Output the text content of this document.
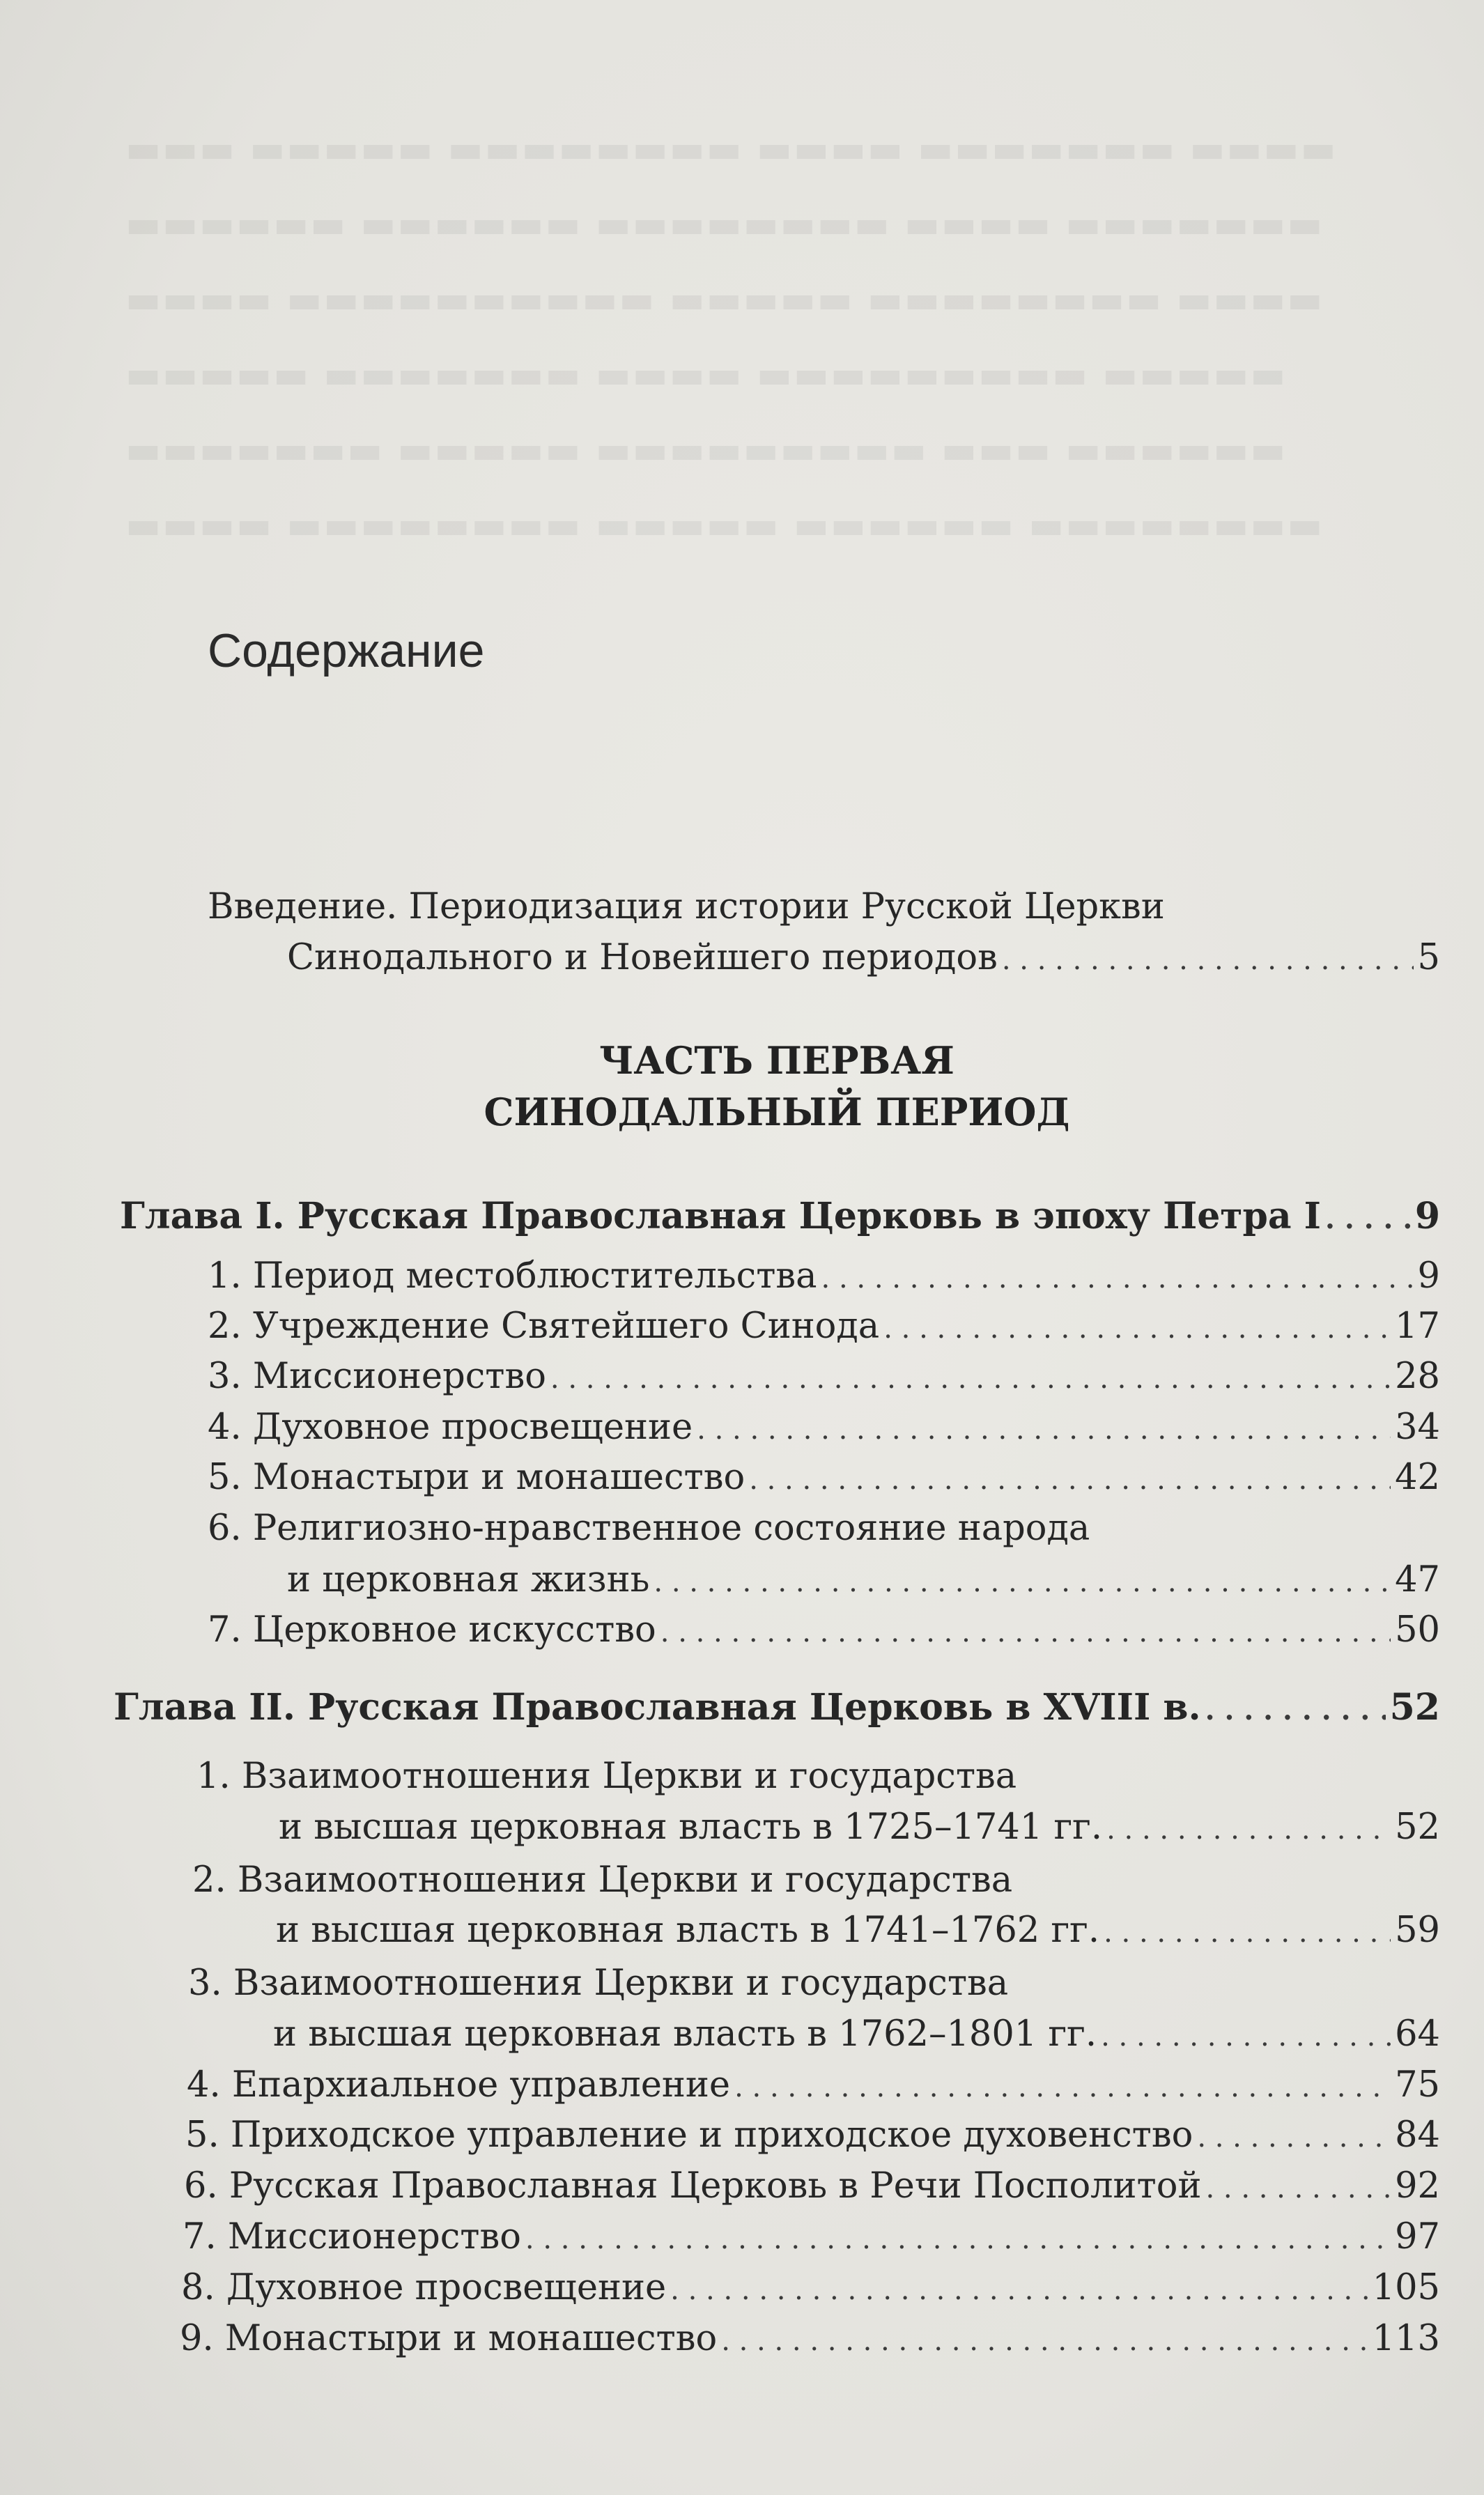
▬▬▬ ▬▬▬▬▬ ▬▬▬▬▬▬▬▬ ▬▬▬▬ ▬▬▬▬▬▬▬ ▬▬▬▬
▬▬▬▬▬▬ ▬▬▬▬▬▬ ▬▬▬▬▬▬▬▬ ▬▬▬▬ ▬▬▬▬▬▬▬
▬▬▬▬ ▬▬▬▬▬▬▬▬▬▬ ▬▬▬▬▬ ▬▬▬▬▬▬▬▬ ▬▬▬▬
▬▬▬▬▬ ▬▬▬▬▬▬▬ ▬▬▬▬ ▬▬▬▬▬▬▬▬▬ ▬▬▬▬▬
▬▬▬▬▬▬▬ ▬▬▬▬▬ ▬▬▬▬▬▬▬▬▬ ▬▬▬ ▬▬▬▬▬▬
▬▬▬▬ ▬▬▬▬▬▬▬▬ ▬▬▬▬▬ ▬▬▬▬▬▬ ▬▬▬▬▬▬▬▬
Содержание
Введение. Периодизация истории Русской Церкви
Синодального и Новейшего периодов . . .	5
ЧАСТЬ ПЕРВАЯ
СИНОДАЛЬНЫЙ ПЕРИОД
Глава I. Русская Православная Церковь в эпоху Петра I . . .	9
1. Период местоблюстительства . . .	9
2. Учреждение Святейшего Синода . . .	17
3. Миссионерство . . .	28
4. Духовное просвещение . . .	34
5. Монастыри и монашество . . .	42
6. Религиозно-нравственное состояние народа
и церковная жизнь . . .	47
7. Церковное искусство . . .	50
Глава II. Русская Православная Церковь в XVIII в. . . .	52
1. Взаимоотношения Церкви и государства
и высшая церковная власть в 1725–1741 гг. . . .	52
2. Взаимоотношения Церкви и государства
и высшая церковная власть в 1741–1762 гг. . . .	59
3. Взаимоотношения Церкви и государства
и высшая церковная власть в 1762–1801 гг. . . .	64
4. Епархиальное управление . . .	75
5. Приходское управление и приходское духовенство . . .	84
6. Русская Православная Церковь в Речи Посполитой . . .	92
7. Миссионерство . . .	97
8. Духовное просвещение . . .	105
9. Монастыри и монашество . . .	113
